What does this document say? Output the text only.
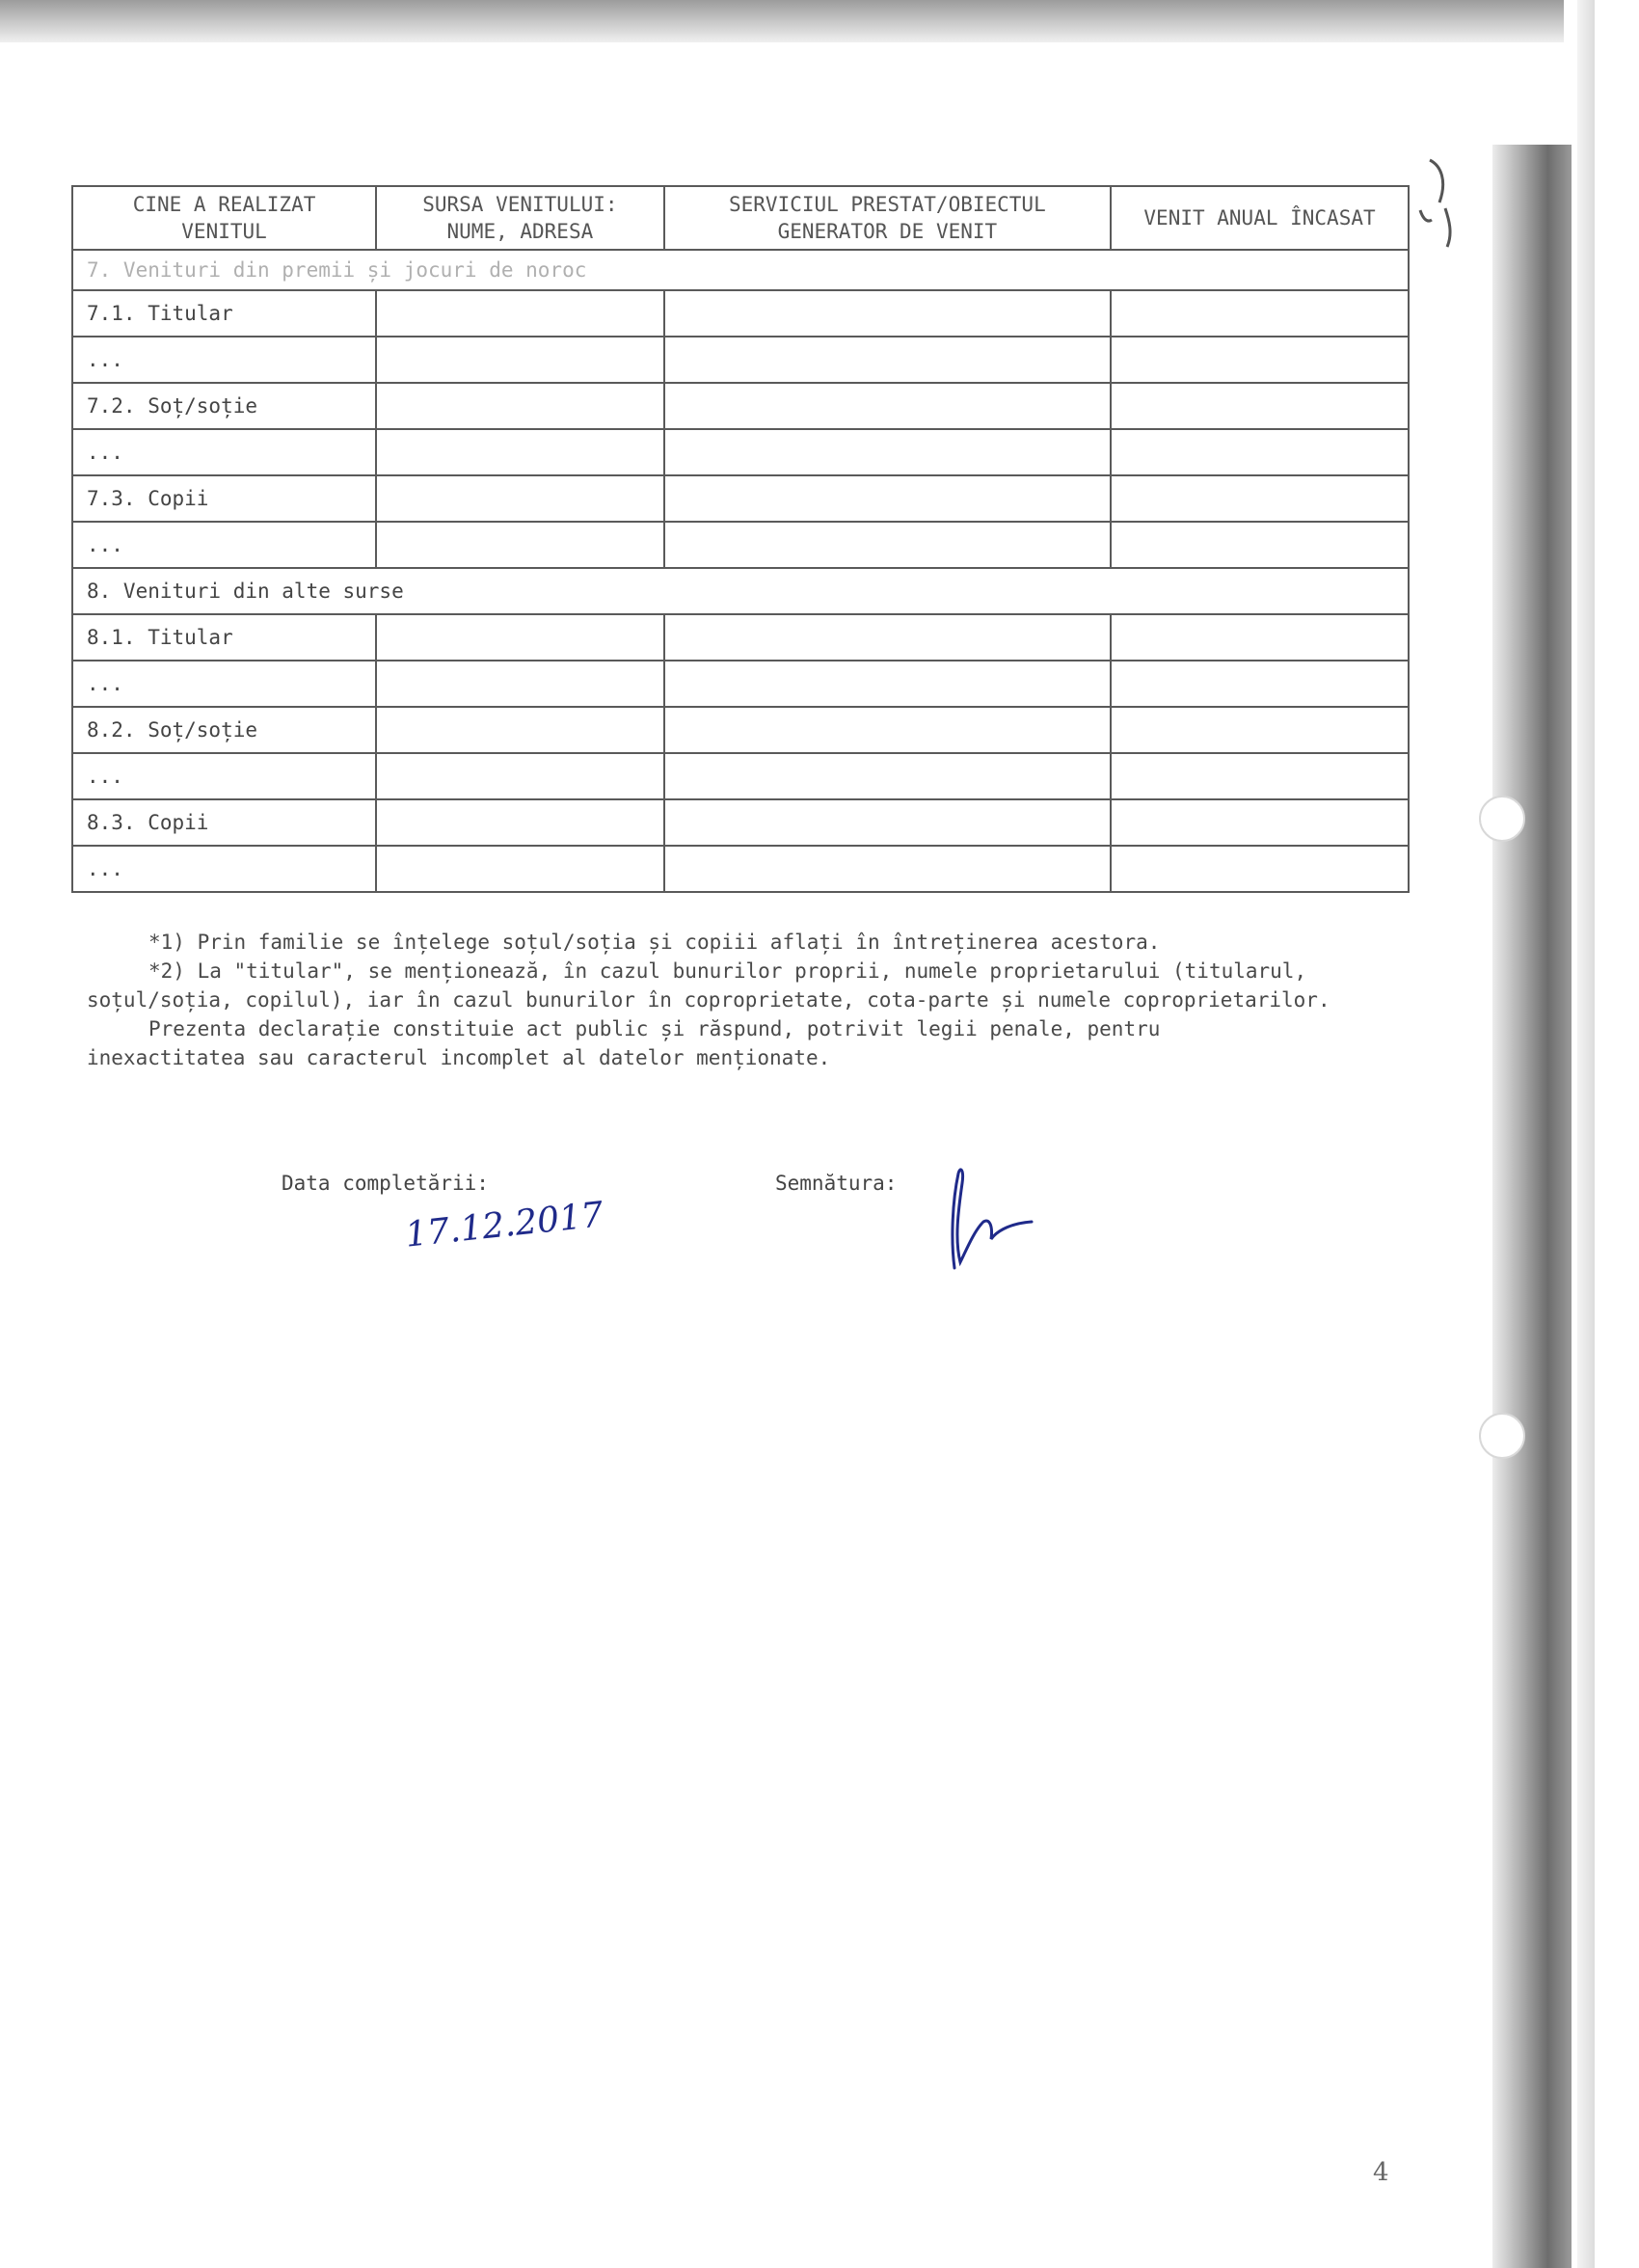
CINE A REALIZAT VENITUL	SURSA VENITULUI: NUME, ADRESA	SERVICIUL PRESTAT/OBIECTUL GENERATOR DE VENIT	VENIT ANUAL ÎNCASAT
7. Venituri din premii și jocuri de noroc			
7.1. Titular			
...			
7.2. Soț/soție			
...			
7.3. Copii			
...			
8. Venituri din alte surse			
8.1. Titular			
...			
8.2. Soț/soție			
...			
8.3. Copii			
...			

*1) Prin familie se înțelege soțul/soția și copiii aflați în întreținerea acestora.

*2) La "titular", se menționează, în cazul bunurilor proprii, numele proprietarului (titularul, soțul/soția, copilul), iar în cazul bunurilor în coproprietate, cota-parte și numele coproprietarilor.

Prezenta declarație constituie act public și răspund, potrivit legii penale, pentru inexactitatea sau caracterul incomplet al datelor menționate.

Data completării:	Semnătura:
17.12.2017
4
